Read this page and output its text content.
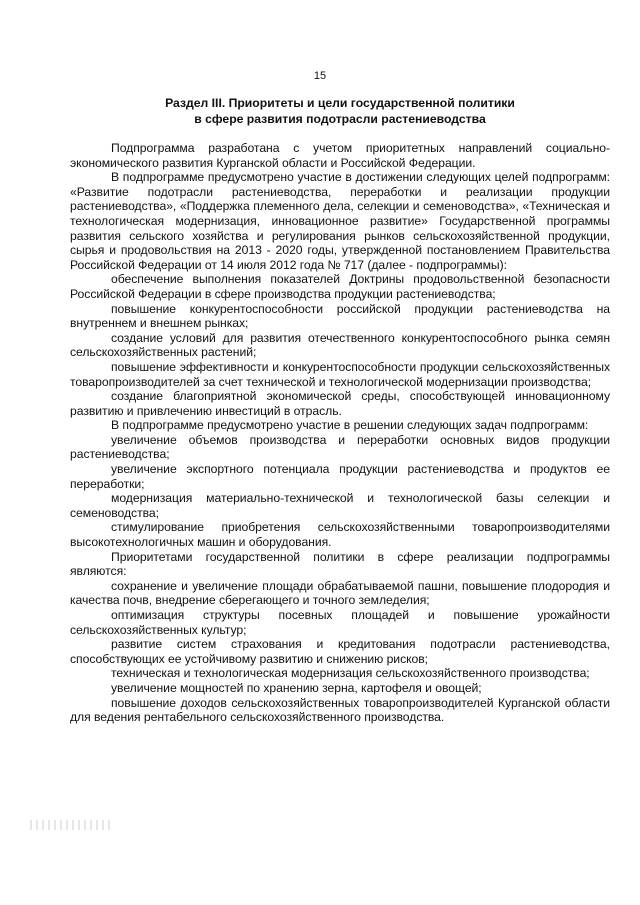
15
Раздел III. Приоритеты и цели государственной политики
в сфере развития подотрасли растениеводства

Подпрограмма разработана с учетом приоритетных направлений социально-экономического развития Курганской области и Российской Федерации.

В подпрограмме предусмотрено участие в достижении следующих целей подпрограмм: «Развитие подотрасли растениеводства, переработки и реализации продукции растениеводства», «Поддержка племенного дела, селекции и семеноводства», «Техническая и технологическая модернизация, инновационное развитие» Государственной программы развития сельского хозяйства и регулирования рынков сельскохозяйственной продукции, сырья и продовольствия на 2013 - 2020 годы, утвержденной постановлением Правительства Российской Федерации от 14 июля 2012 года № 717 (далее - подпрограммы):

обеспечение выполнения показателей Доктрины продовольственной безопасности Российской Федерации в сфере производства продукции растениеводства;

повышение конкурентоспособности российской продукции растениеводства на внутреннем и внешнем рынках;

создание условий для развития отечественного конкурентоспособного рынка семян сельскохозяйственных растений;

повышение эффективности и конкурентоспособности продукции сельскохозяйственных товаропроизводителей за счет технической и технологической модернизации производства;

создание благоприятной экономической среды, способствующей инновационному развитию и привлечению инвестиций в отрасль.

В подпрограмме предусмотрено участие в решении следующих задач подпрограмм:

увеличение объемов производства и переработки основных видов продукции растениеводства;

увеличение экспортного потенциала продукции растениеводства и продуктов ее переработки;

модернизация материально-технической и технологической базы селекции и семеноводства;

стимулирование приобретения сельскохозяйственными товаропроизводителями высокотехнологичных машин и оборудования.

Приоритетами государственной политики в сфере реализации подпрограммы являются:

сохранение и увеличение площади обрабатываемой пашни, повышение плодородия и качества почв, внедрение сберегающего и точного земледелия;

оптимизация структуры посевных площадей и повышение урожайности сельскохозяйственных культур;

развитие систем страхования и кредитования подотрасли растениеводства, способствующих ее устойчивому развитию и снижению рисков;

техническая и технологическая модернизация сельскохозяйственного производства;

увеличение мощностей по хранению зерна, картофеля и овощей;

повышение доходов сельскохозяйственных товаропроизводителей Курганской области для ведения рентабельного сельскохозяйственного производства.
